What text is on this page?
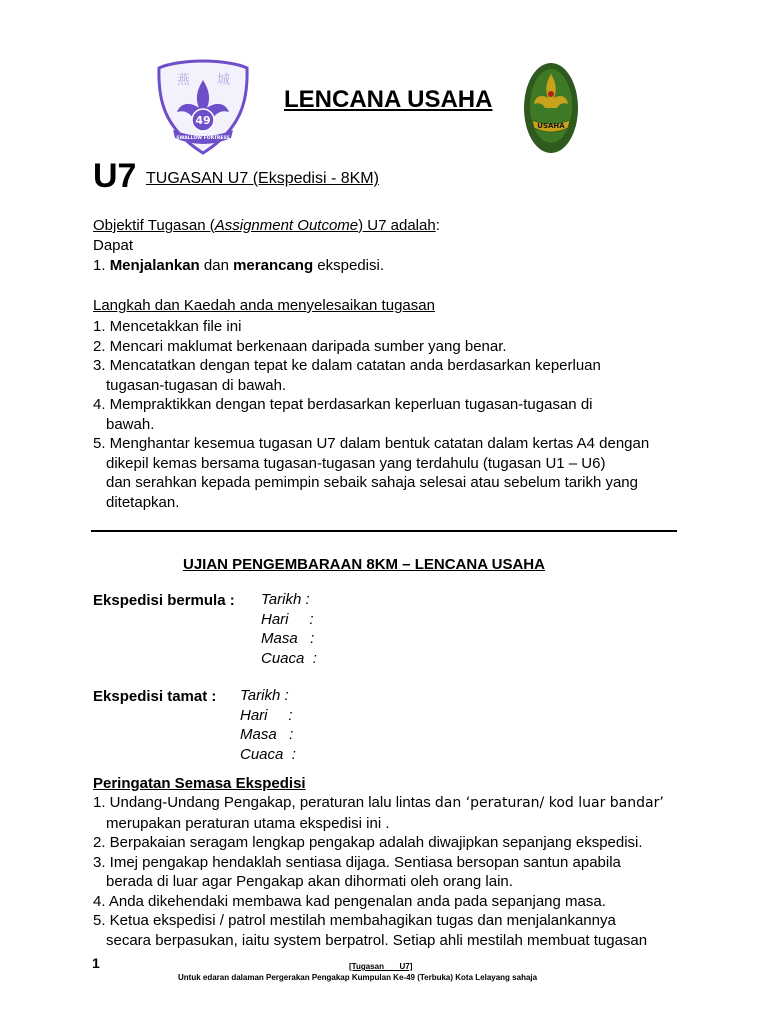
燕 城
49
SWALLOW FORTRESS
LENCANA USAHA
USAHA
U7 TUGASAN U7 (Ekspedisi - 8KM)
Objektif Tugasan (Assignment Outcome) U7 adalah:
Dapat
1. Menjalankan dan merancang ekspedisi.
Langkah dan Kaedah anda menyelesaikan tugasan

1. Mencetakkan file ini

2. Mencari maklumat berkenaan daripada sumber yang benar.

3. Mencatatkan dengan tepat ke dalam catatan anda berdasarkan keperluan

tugasan-tugasan di bawah.

4. Mempraktikkan dengan tepat berdasarkan keperluan tugasan-tugasan di

bawah.

5. Menghantar kesemua tugasan U7 dalam bentuk catatan dalam kertas A4 dengan

dikepil kemas bersama tugasan-tugasan yang terdahulu (tugasan U1 – U6)

dan serahkan kepada pemimpin sebaik sahaja selesai atau sebelum tarikh yang

ditetapkan.

UJIAN PENGEMBARAAN 8KM – LENCANA USAHA
Ekspedisi bermula : Tarikh :
Hari     :
Masa   :
Cuaca  :
Ekspedisi tamat : Tarikh :
Hari     :
Masa   :
Cuaca  :
Peringatan Semasa Ekspedisi

1. Undang-Undang Pengakap, peraturan lalu lintas dan ‘peraturan/ kod luar bandar’

merupakan peraturan utama ekspedisi ini .

2. Berpakaian seragam lengkap pengakap adalah diwajipkan sepanjang ekspedisi.

3. Imej pengakap hendaklah sentiasa dijaga. Sentiasa bersopan santun apabila

berada di luar agar Pengakap akan dihormati oleh orang lain.

4. Anda dikehendaki membawa kad pengenalan anda pada sepanjang masa.

5. Ketua ekspedisi / patrol mestilah membahagikan tugas dan menjalankannya

secara berpasukan, iaitu system berpatrol. Setiap ahli mestilah membuat tugasan

1	[Tugasan       U7]
Untuk edaran dalaman Pergerakan Pengakap Kumpulan Ke-49 (Terbuka) Kota Lelayang sahaja
